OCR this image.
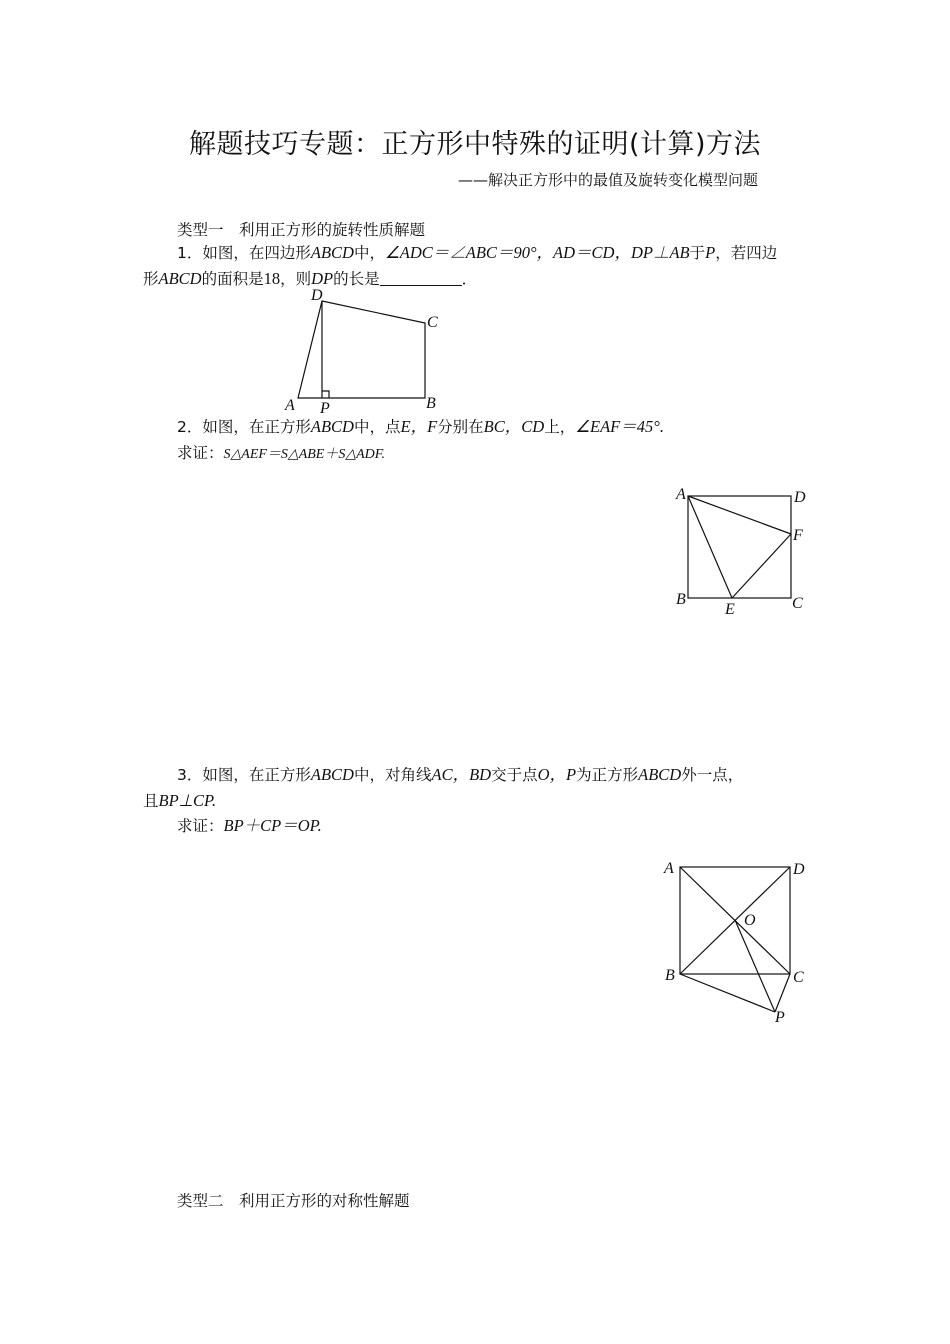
解题技巧专题：正方形中特殊的证明(计算)方法
——解决正方形中的最值及旋转变化模型问题
类型一　利用正方形的旋转性质解题
1．如图，在四边形ABCD中，∠ADC＝∠ABC＝90°，AD＝CD，DP⊥AB于P，若四边
形ABCD的面积是18，则DP的长是	．
D
C
A P	B
2．如图，在正方形ABCD中，点E，F分别在BC，CD上，∠EAF＝45°.
求证：S△AEF＝S△ABE＋S△ADF.
A	D
F
B
E	C
3．如图，在正方形ABCD中，对角线AC，BD交于点O，P为正方形ABCD外一点，
且BP⊥CP.
求证：BP＋CP＝OP.
A	D
O
B	C
P
类型二　利用正方形的对称性解题
